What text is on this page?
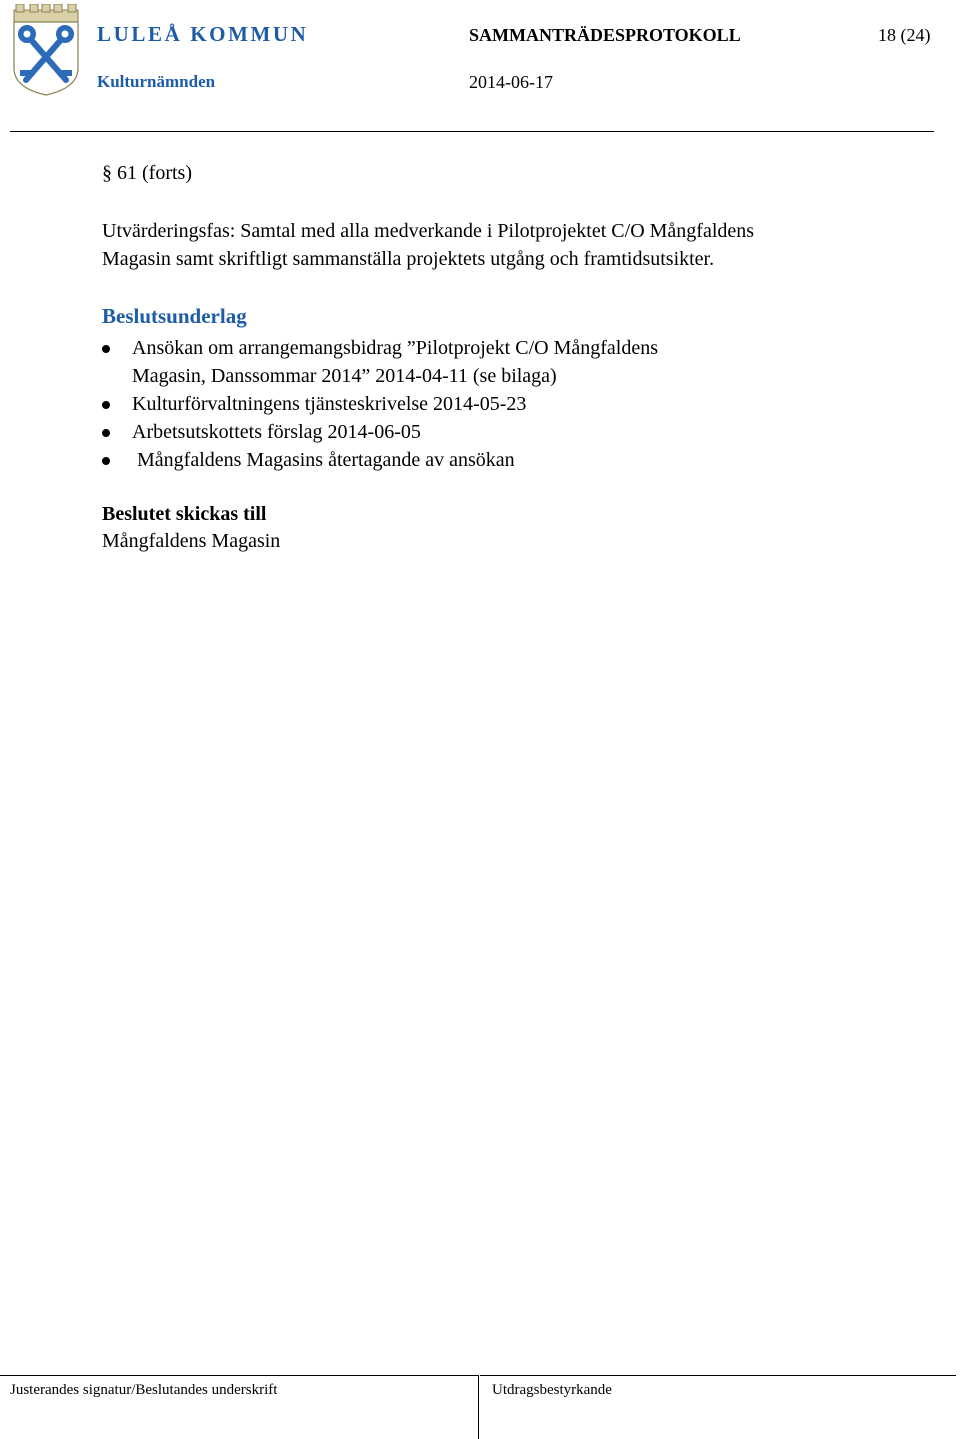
LULEÅ KOMMUN
Kulturnämnden
SAMMANTRÄDESPROTOKOLL
2014-06-17
18 (24)
§ 61 (forts)
Utvärderingsfas: Samtal med alla medverkande i Pilotprojektet C/O Mångfaldens
Magasin samt skriftligt sammanställa projektets utgång och framtidsutsikter.
Beslutsunderlag
Ansökan om arrangemangsbidrag ”Pilotprojekt C/O Mångfaldens
Magasin, Danssommar 2014” 2014-04-11 (se bilaga)
Kulturförvaltningens tjänsteskrivelse 2014-05-23
Arbetsutskottets förslag 2014-06-05
Mångfaldens Magasins återtagande av ansökan
Beslutet skickas till
Mångfaldens Magasin
Justerandes signatur/Beslutandes underskrift	Utdragsbestyrkande
